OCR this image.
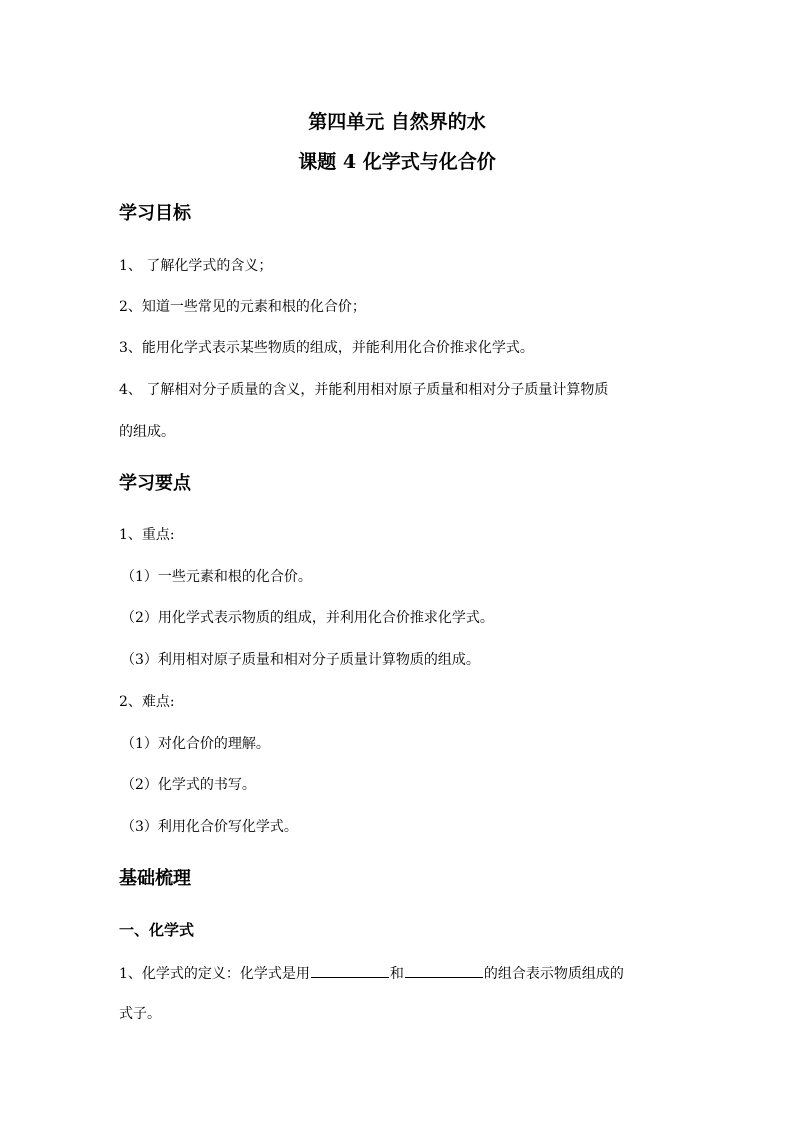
第四单元 自然界的水
课题 4 化学式与化合价
学习目标
1、 了解化学式的含义；
2、知道一些常见的元素和根的化合价；
3、能用化学式表示某些物质的组成，并能利用化合价推求化学式。
4、 了解相对分子质量的含义，并能利用相对原子质量和相对分子质量计算物质
的组成。
学习要点
1、重点:
（1）一些元素和根的化合价。
（2）用化学式表示物质的组成，并利用化合价推求化学式。
（3）利用相对原子质量和相对分子质量计算物质的组成。
2、难点:
（1）对化合价的理解。
（2）化学式的书写。
（3）利用化合价写化学式。
基础梳理
一、化学式
1、化学式的定义：化学式是用	和	的组合表示物质组成的
式子。
